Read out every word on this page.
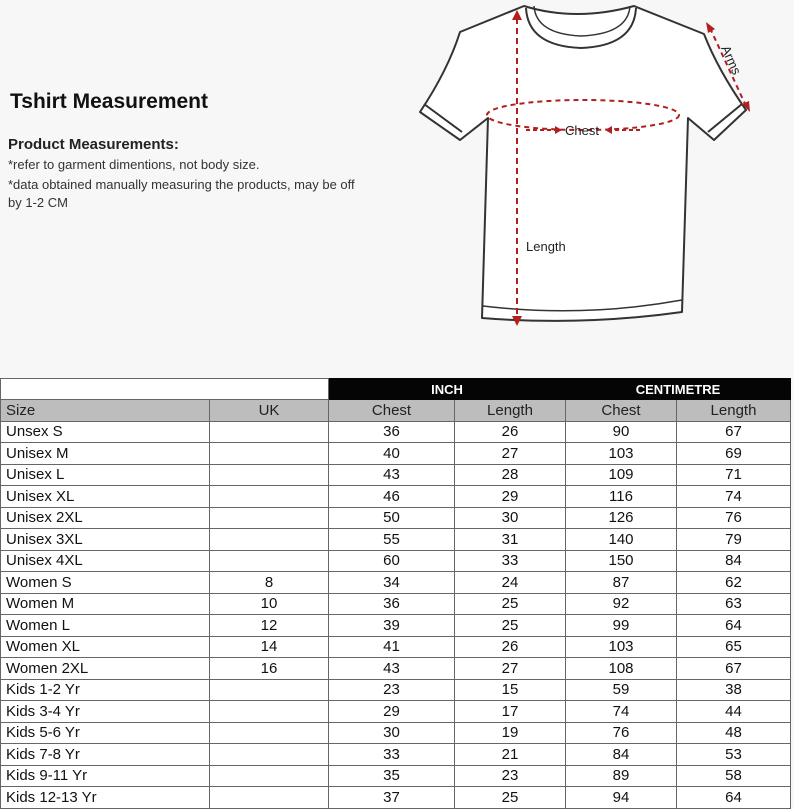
Tshirt Measurement
Product Measurements:
*refer to garment dimentions, not body size.
*data obtained manually measuring the products, may be off by 1-2 CM
Chest
Length
Arms
		INCH		CENTIMETRE	
Size	UK	Chest	Length	Chest	Length
Unsex S		36	26	90	67
Unisex M		40	27	103	69
Unisex L		43	28	109	71
Unisex XL		46	29	116	74
Unisex 2XL		50	30	126	76
Unisex 3XL		55	31	140	79
Unisex 4XL		60	33	150	84
Women S	8	34	24	87	62
Women M	10	36	25	92	63
Women L	12	39	25	99	64
Women XL	14	41	26	103	65
Women 2XL	16	43	27	108	67
Kids 1-2 Yr		23	15	59	38
Kids 3-4 Yr		29	17	74	44
Kids 5-6 Yr		30	19	76	48
Kids 7-8 Yr		33	21	84	53
Kids 9-11 Yr		35	23	89	58
Kids 12-13 Yr		37	25	94	64
